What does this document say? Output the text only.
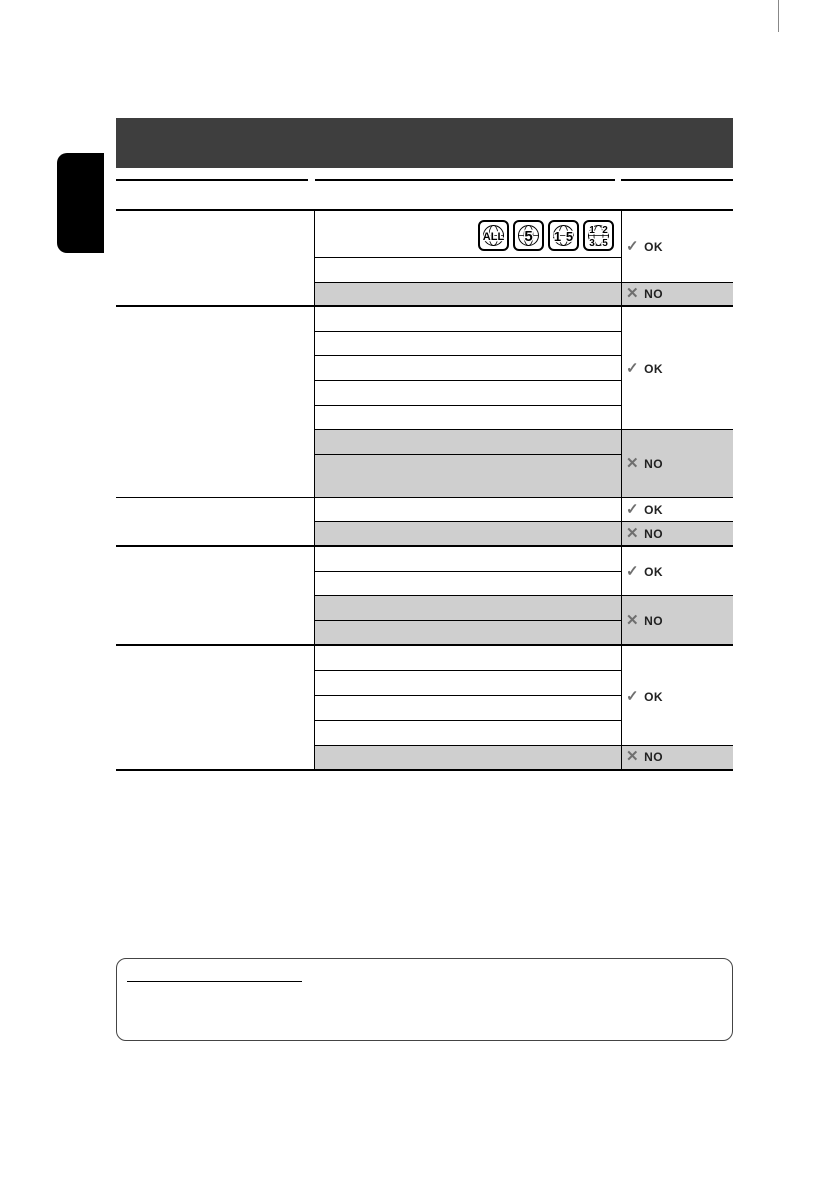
ALL 5 1 5 1 2
3 5 ✓ OK
✕ NO
✓ OK
✕ NO
✓ OK
✕ NO
✓ OK
✕ NO
✓ OK
✕ NO
